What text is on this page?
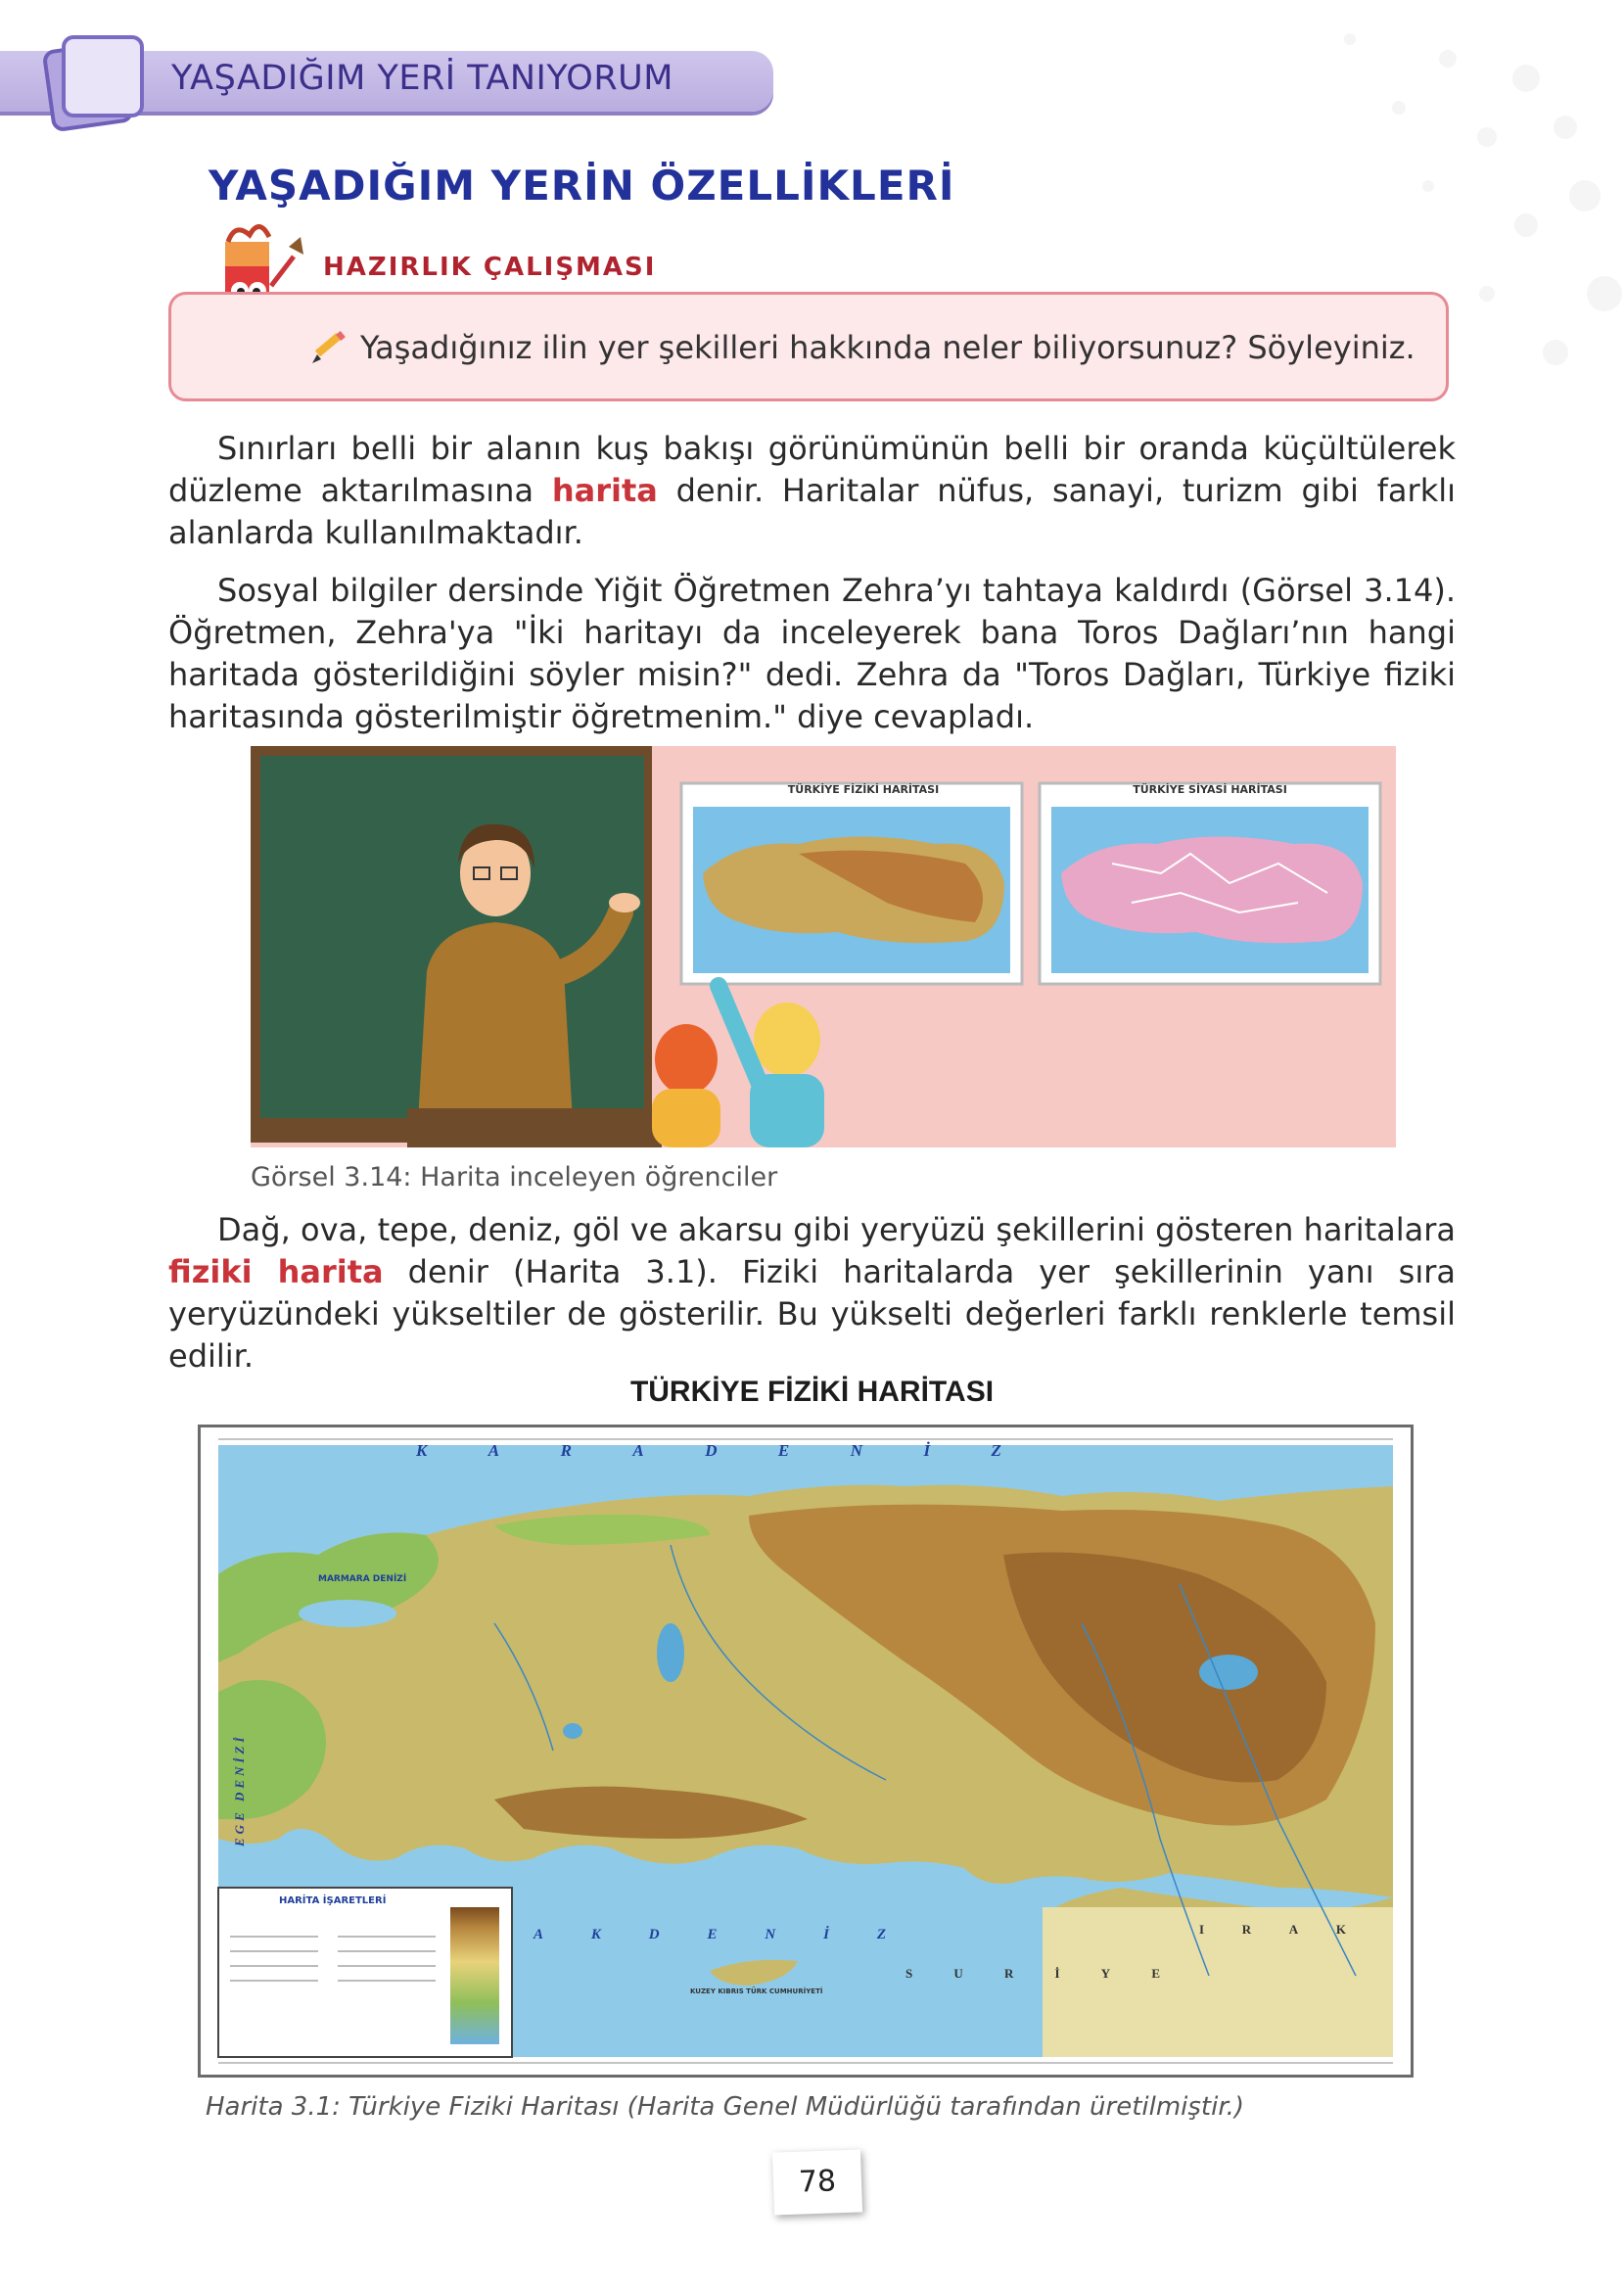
YAŞADIĞIM YERİ TANIYORUM
YAŞADIĞIM YERİN ÖZELLİKLERİ
HAZIRLIK ÇALIŞMASI
Yaşadığınız ilin yer şekilleri hakkında neler biliyorsunuz? Söyleyiniz.

Sınırları belli bir alanın kuş bakışı görünümünün belli bir oranda küçültülerek düzleme aktarılmasına harita denir. Haritalar nüfus, sanayi, turizm gibi farklı alanlarda kullanılmaktadır.

Sosyal bilgiler dersinde Yiğit Öğretmen Zehra’yı tahtaya kaldırdı (Görsel 3.14). Öğretmen, Zehra'ya "İki haritayı da inceleyerek bana Toros Dağları’nın hangi haritada gösterildiğini söyler misin?" dedi. Zehra da "Toros Dağları, Türkiye fiziki haritasında gösterilmiştir öğretmenim." diye cevapladı.

TÜRKİYE FİZİKİ HARİTASI	TÜRKİYE SİYASİ HARİTASI
Görsel 3.14: Harita inceleyen öğrenciler

Dağ, ova, tepe, deniz, göl ve akarsu gibi yeryüzü şekillerini gösteren haritalara fiziki harita denir (Harita 3.1). Fiziki haritalarda yer şekillerinin yanı sıra yeryüzündeki yükseltiler de gösterilir. Bu yükselti değerleri farklı renklerle temsil edilir.

TÜRKİYE FİZİKİ HARİTASI
K	A	R	A	D	E	N	İ	Z
A	K	D	E	N	İ	Z
EGE DENİZİ
MARMARA DENİZİ
S	U	R	İ	Y	E
I	R	A	K
KUZEY KIBRIS TÜRK CUMHURİYETİ
HARİTA İŞARETLERİ
Harita 3.1: Türkiye Fiziki Haritası (Harita Genel Müdürlüğü tarafından üretilmiştir.)
78
